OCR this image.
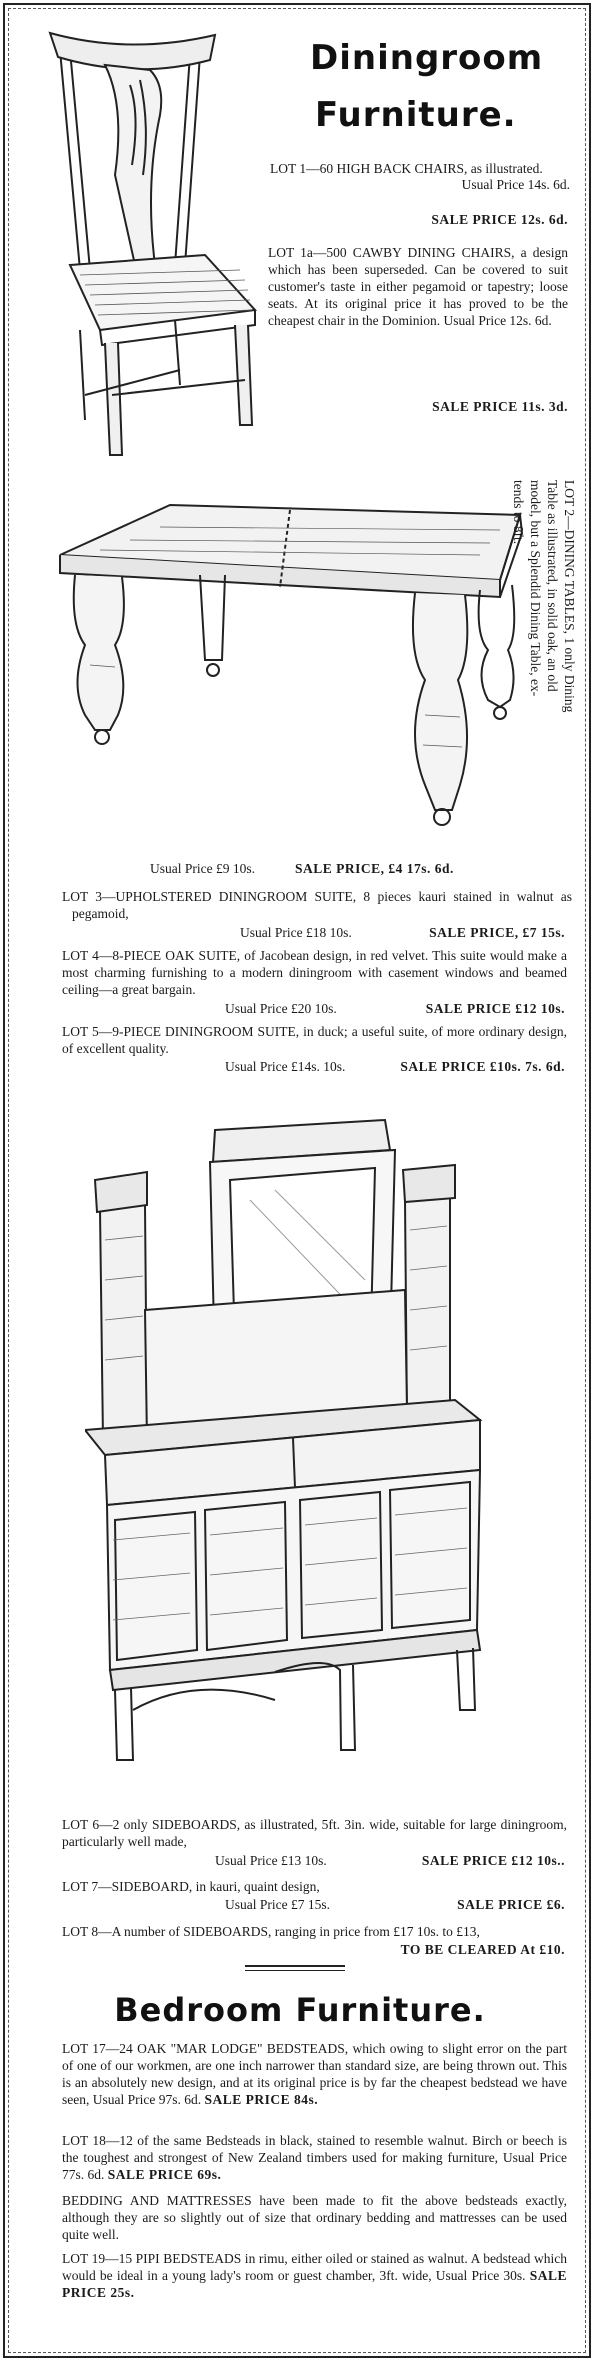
Diningroom
Furniture.
LOT 1—60 HIGH BACK CHAIRS, as illustrated.
SALE PRICE 12s. 6d.
Usual Price 14s. 6d.
LOT 1a—500 CAWBY DINING CHAIRS, a design which has been superseded. Can be covered to suit customer's taste in either pegamoid or tapestry; loose seats. At its original price it has proved to be the cheapest chair in the Dominion. Usual Price 12s. 6d.
SALE PRICE 11s. 3d.
LOT 2—DINING TABLES, 1 only Dining
Table as illustrated, in solid oak, an old
model, but a Splendid Dining Table, ex-
tends to 8ft.
Usual Price £9 10s.	SALE PRICE, £4 17s. 6d.
LOT 3—UPHOLSTERED DININGROOM SUITE, 8 pieces kauri stained in walnut as pegamoid,
Usual Price £18 10s.	SALE PRICE, £7 15s.
LOT 4—8-PIECE OAK SUITE, of Jacobean design, in red velvet. This suite would make a most charming furnishing to a modern diningroom with casement windows and beamed ceiling—a great bargain.
Usual Price £20 10s.	SALE PRICE £12 10s.
LOT 5—9-PIECE DININGROOM SUITE, in duck; a useful suite, of more ordinary design, of excellent quality.
Usual Price £14s. 10s.	SALE PRICE £10s. 7s. 6d.
LOT 6—2 only SIDEBOARDS, as illustrated, 5ft. 3in. wide, suitable for large diningroom, particularly well made,
Usual Price £13 10s.	SALE PRICE £12 10s..
LOT 7—SIDEBOARD, in kauri, quaint design,
Usual Price £7 15s.	SALE PRICE £6.
LOT 8—A number of SIDEBOARDS, ranging in price from £17 10s. to £13,
TO BE CLEARED At £10.
Bedroom Furniture.
LOT 17—24 OAK "MAR LODGE" BEDSTEADS, which owing to slight error on the part of one of our workmen, are one inch narrower than standard size, are being thrown out. This is an absolutely new design, and at its original price is by far the cheapest bedstead we have seen, Usual Price 97s. 6d. SALE PRICE 84s.
LOT 18—12 of the same Bedsteads in black, stained to resemble walnut. Birch or beech is the toughest and strongest of New Zealand timbers used for making furniture, Usual Price 77s. 6d. SALE PRICE 69s.
BEDDING AND MATTRESSES have been made to fit the above bedsteads exactly, although they are so slightly out of size that ordinary bedding and mattresses can be used quite well.
LOT 19—15 PIPI BEDSTEADS in rimu, either oiled or stained as walnut. A bedstead which would be ideal in a young lady's room or guest chamber, 3ft. wide, Usual Price 30s. SALE PRICE 25s.
